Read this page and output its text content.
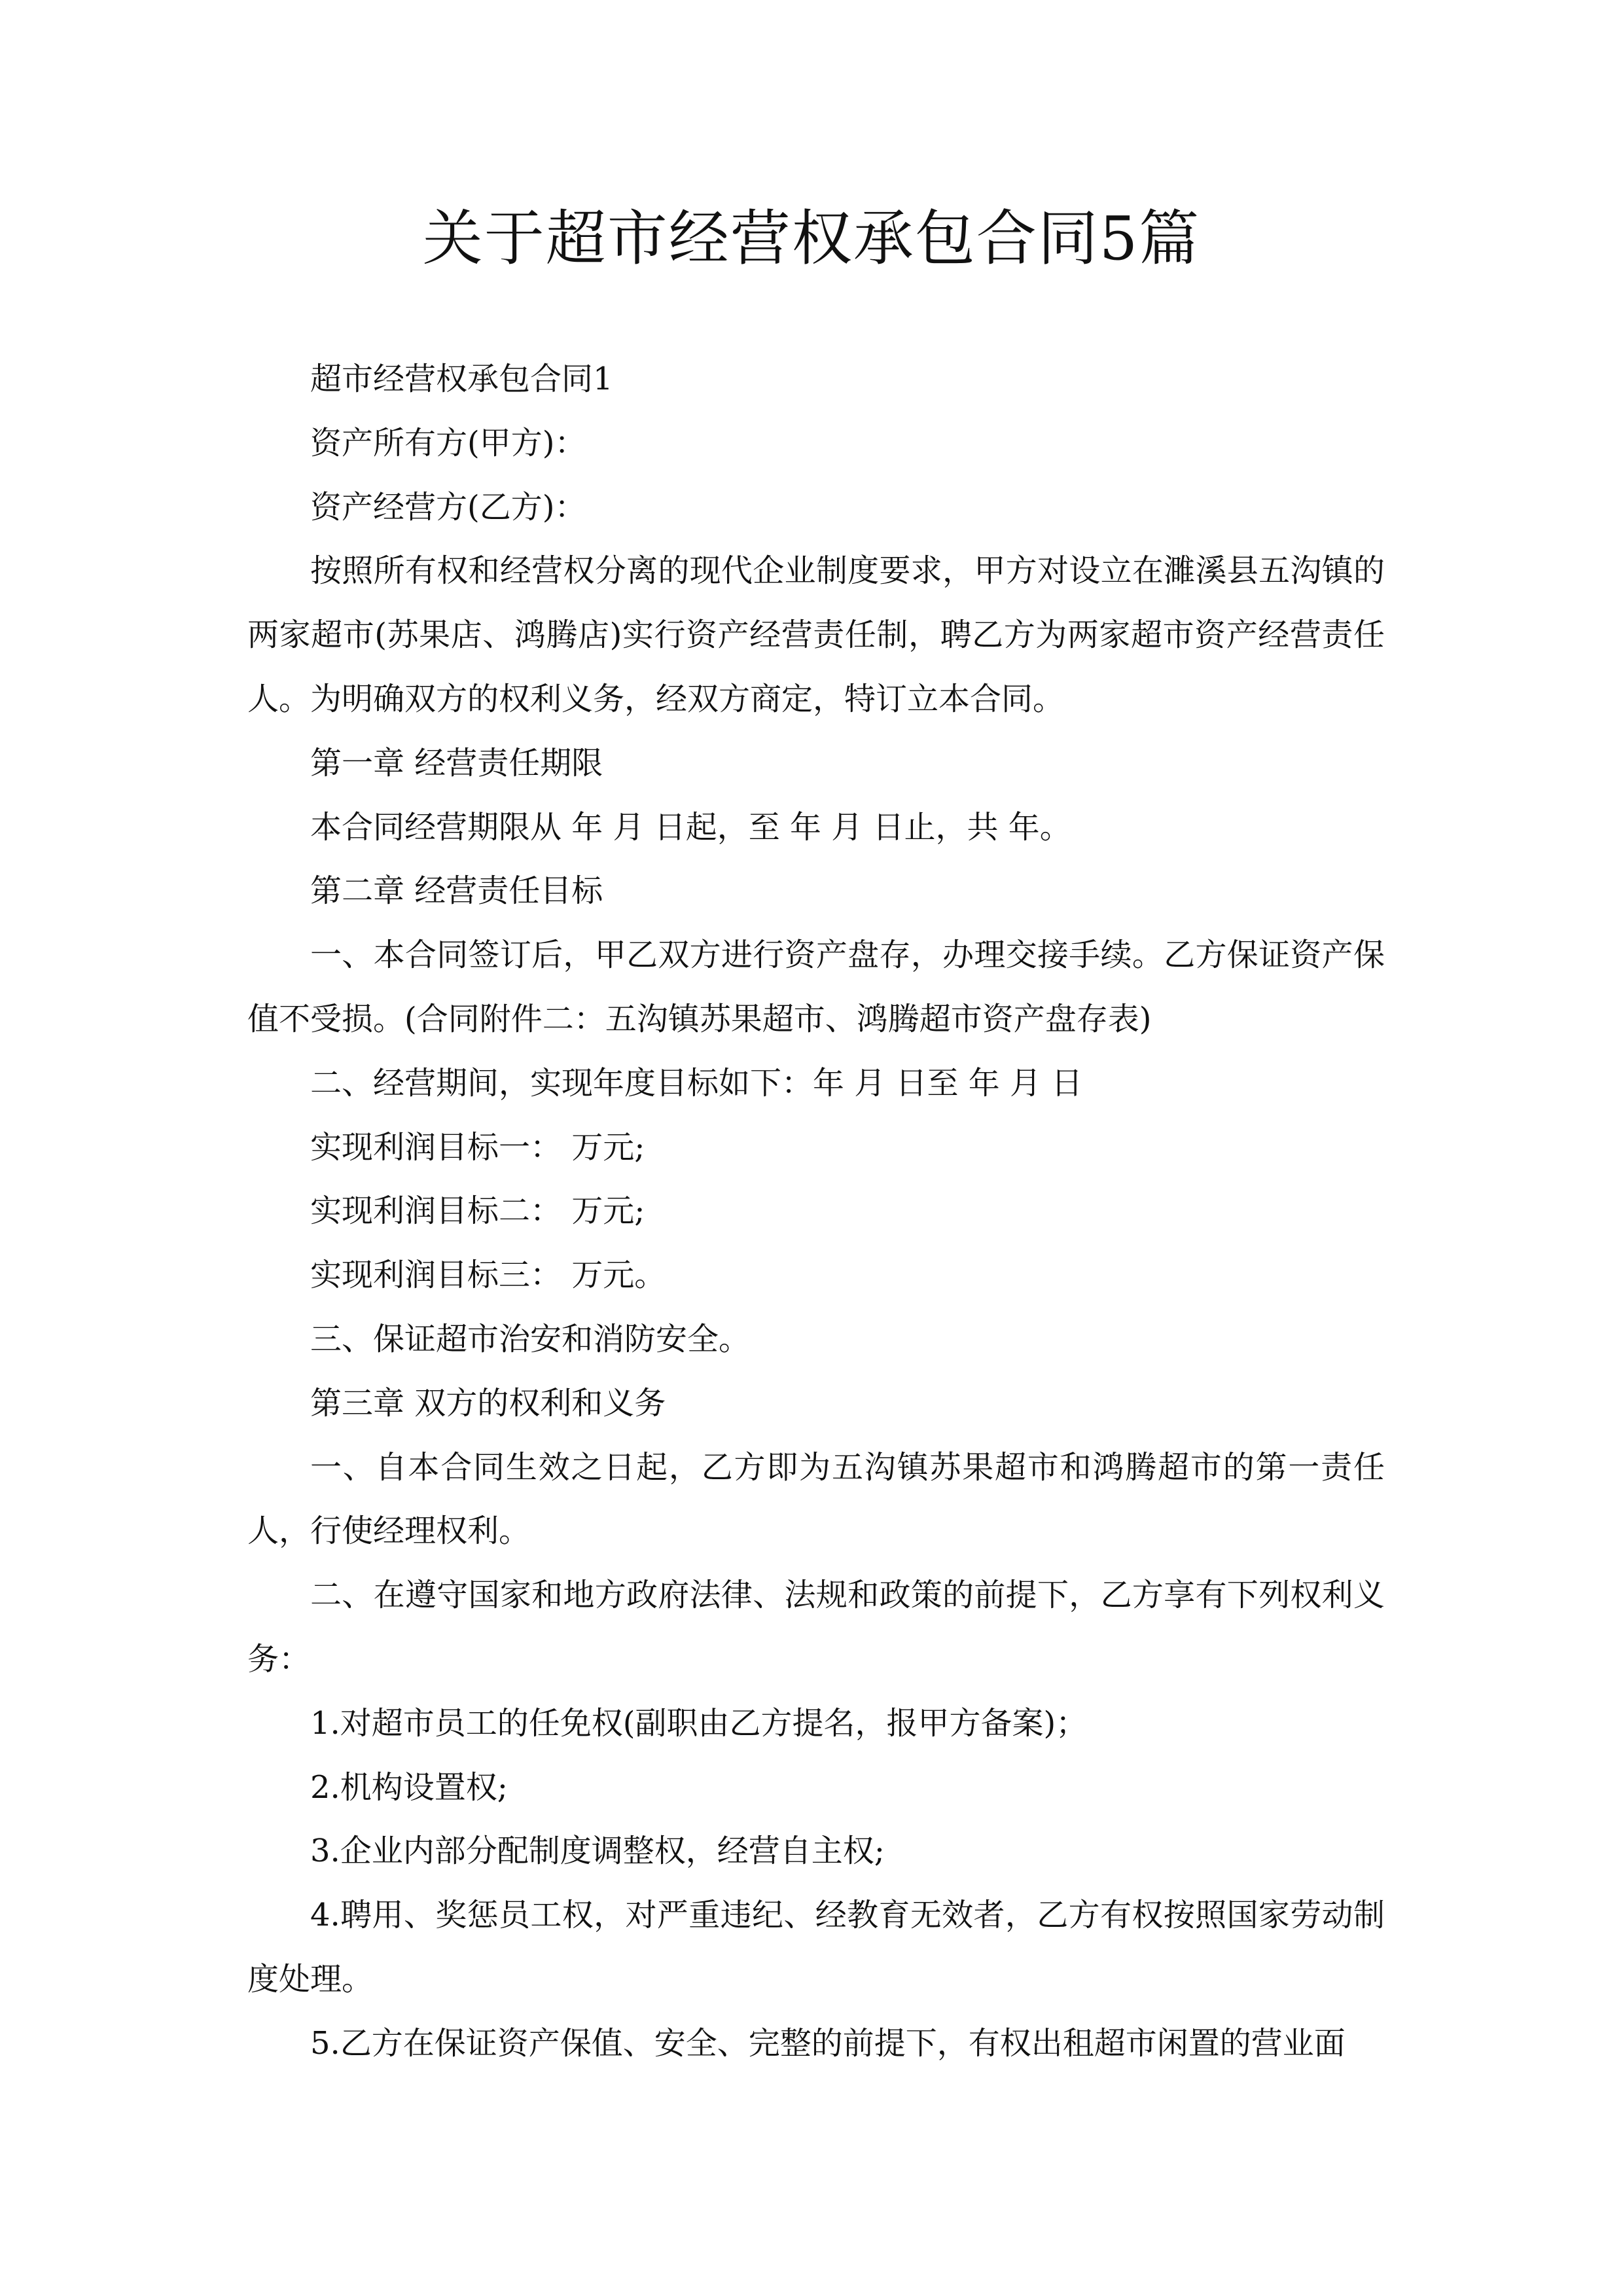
关于超市经营权承包合同5篇

超市经营权承包合同1

资产所有方(甲方)：

资产经营方(乙方)：

按照所有权和经营权分离的现代企业制度要求，甲方对设立在濉溪县五沟镇的两家超市(苏果店、鸿腾店)实行资产经营责任制，聘乙方为两家超市资产经营责任人。为明确双方的权利义务，经双方商定，特订立本合同。

第一章 经营责任期限

本合同经营期限从 年 月 日起，至 年 月 日止，共 年。

第二章 经营责任目标

一、本合同签订后，甲乙双方进行资产盘存，办理交接手续。乙方保证资产保值不受损。(合同附件二：五沟镇苏果超市、鸿腾超市资产盘存表)

二、经营期间，实现年度目标如下：年 月 日至 年 月 日

实现利润目标一： 万元;

实现利润目标二： 万元;

实现利润目标三： 万元。

三、保证超市治安和消防安全。

第三章 双方的权利和义务

一、自本合同生效之日起，乙方即为五沟镇苏果超市和鸿腾超市的第一责任人，行使经理权利。

二、在遵守国家和地方政府法律、法规和政策的前提下，乙方享有下列权利义务：

1.对超市员工的任免权(副职由乙方提名，报甲方备案)；

2.机构设置权;

3.企业内部分配制度调整权，经营自主权;

4.聘用、奖惩员工权，对严重违纪、经教育无效者，乙方有权按照国家劳动制度处理。

5.乙方在保证资产保值、安全、完整的前提下，有权出租超市闲置的营业面
